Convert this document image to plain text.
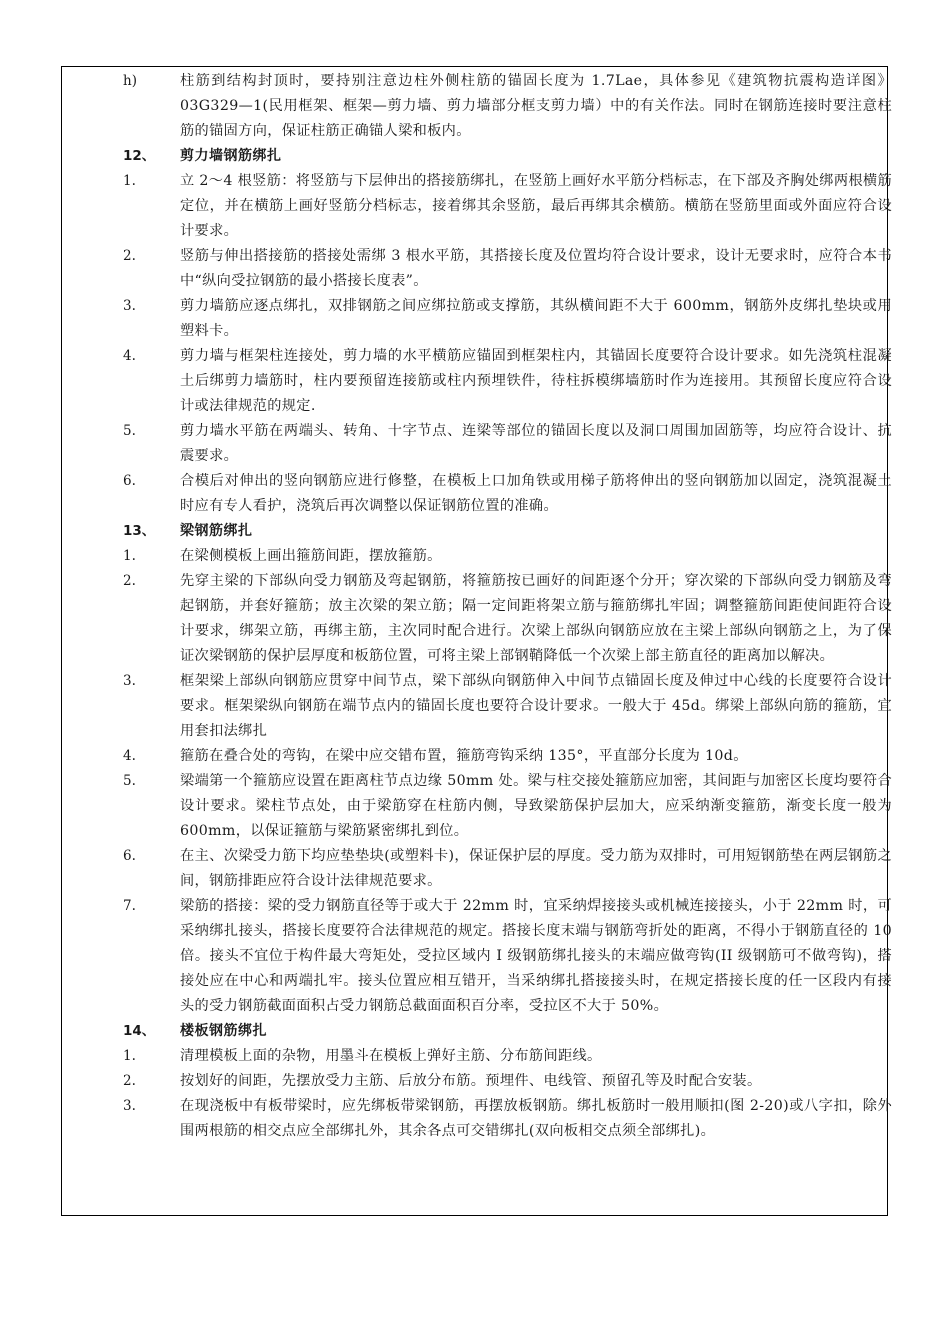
h)	柱筋到结构封顶时，要持别注意边柱外侧柱筋的锚固长度为 1.7Lae，具体参见《建筑物抗震构造详图》03G329—1(民用框架、框架—剪力墙、剪力墙部分框支剪力墙）中的有关作法。同时在钢筋连接时要注意柱筋的锚固方向，保证柱筋正确锚人梁和板内。
12、	剪力墙钢筋绑扎
1.	立 2～4 根竖筋：将竖筋与下层伸出的搭接筋绑扎，在竖筋上画好水平筋分档标志，在下部及齐胸处绑两根横筋定位，并在横筋上画好竖筋分档标志，接着绑其余竖筋，最后再绑其余横筋。横筋在竖筋里面或外面应符合设计要求。
2.	竖筋与伸出搭接筋的搭接处需绑 3 根水平筋，其搭接长度及位置均符合设计要求，设计无要求时，应符合本书中“纵向受拉钢筋的最小搭接长度表”。
3.	剪力墙筋应逐点绑扎，双排钢筋之间应绑拉筋或支撑筋，其纵横间距不大于 600mm，钢筋外皮绑扎垫块或用塑料卡。
4.	剪力墙与框架柱连接处，剪力墙的水平横筋应锚固到框架柱内，其锚固长度要符合设计要求。如先浇筑柱混凝土后绑剪力墙筋时，柱内要预留连接筋或柱内预埋铁件，待柱拆模绑墙筋时作为连接用。其预留长度应符合设计或法律规范的规定.
5.	剪力墙水平筋在两端头、转角、十字节点、连梁等部位的锚固长度以及洞口周围加固筋等，均应符合设计、抗震要求。
6.	合模后对伸出的竖向钢筋应进行修整，在模板上口加角铁或用梯子筋将伸出的竖向钢筋加以固定，浇筑混凝土时应有专人看护，浇筑后再次调整以保证钢筋位置的准确。
13、	梁钢筋绑扎
1.	在梁侧模板上画出箍筋间距，摆放箍筋。
2.	先穿主梁的下部纵向受力钢筋及弯起钢筋，将箍筋按已画好的间距逐个分开；穿次梁的下部纵向受力钢筋及弯起钢筋，并套好箍筋；放主次梁的架立筋；隔一定间距将架立筋与箍筋绑扎牢固；调整箍筋间距使间距符合设计要求，绑架立筋，再绑主筋，主次同时配合进行。次梁上部纵向钢筋应放在主梁上部纵向钢筋之上，为了保证次梁钢筋的保护层厚度和板筋位置，可将主梁上部钢鞘降低一个次梁上部主筋直径的距离加以解决。
3.	框架梁上部纵向钢筋应贯穿中间节点，梁下部纵向钢筋伸入中间节点锚固长度及伸过中心线的长度要符合设计要求。框架梁纵向钢筋在端节点内的锚固长度也要符合设计要求。一般大于 45d。绑梁上部纵向筋的箍筋，宜用套扣法绑扎
4.	箍筋在叠合处的弯钩，在梁中应交错布置，箍筋弯钩采纳 135°，平直部分长度为 10d。
5.	梁端第一个箍筋应设置在距离柱节点边缘 50mm 处。梁与柱交接处箍筋应加密，其间距与加密区长度均要符合设计要求。梁柱节点处，由于梁筋穿在柱筋内侧，导致梁筋保护层加大，应采纳渐变箍筋，渐变长度一般为 600mm，以保证箍筋与梁筋紧密绑扎到位。
6.	在主、次梁受力筋下均应垫垫块(或塑料卡)，保证保护层的厚度。受力筋为双排时，可用短钢筋垫在两层钢筋之间，钢筋排距应符合设计法律规范要求。
7.	梁筋的搭接：梁的受力钢筋直径等于或大于 22mm 时，宜采纳焊接接头或机械连接接头，小于 22mm 时，可采纳绑扎接头，搭接长度要符合法律规范的规定。搭接长度末端与钢筋弯折处的距离，不得小于钢筋直径的 10 倍。接头不宜位于构件最大弯矩处，受拉区域内 I 级钢筋绑扎接头的末端应做弯钩(II 级钢筋可不做弯钩)，搭接处应在中心和两端扎牢。接头位置应相互错开，当采纳绑扎搭接接头时，在规定搭接长度的任一区段内有接头的受力钢筋截面面积占受力钢筋总截面面积百分率，受拉区不大于 50%。
14、	楼板钢筋绑扎
1.	清理模板上面的杂物，用墨斗在模板上弹好主筋、分布筋间距线。
2.	按划好的间距，先摆放受力主筋、后放分布筋。预埋件、电线管、预留孔等及时配合安装。
3.	在现浇板中有板带梁时，应先绑板带梁钢筋，再摆放板钢筋。绑扎板筋时一般用顺扣(图 2-20)或八字扣，除外围两根筋的相交点应全部绑扎外，其余各点可交错绑扎(双向板相交点须全部绑扎)。
